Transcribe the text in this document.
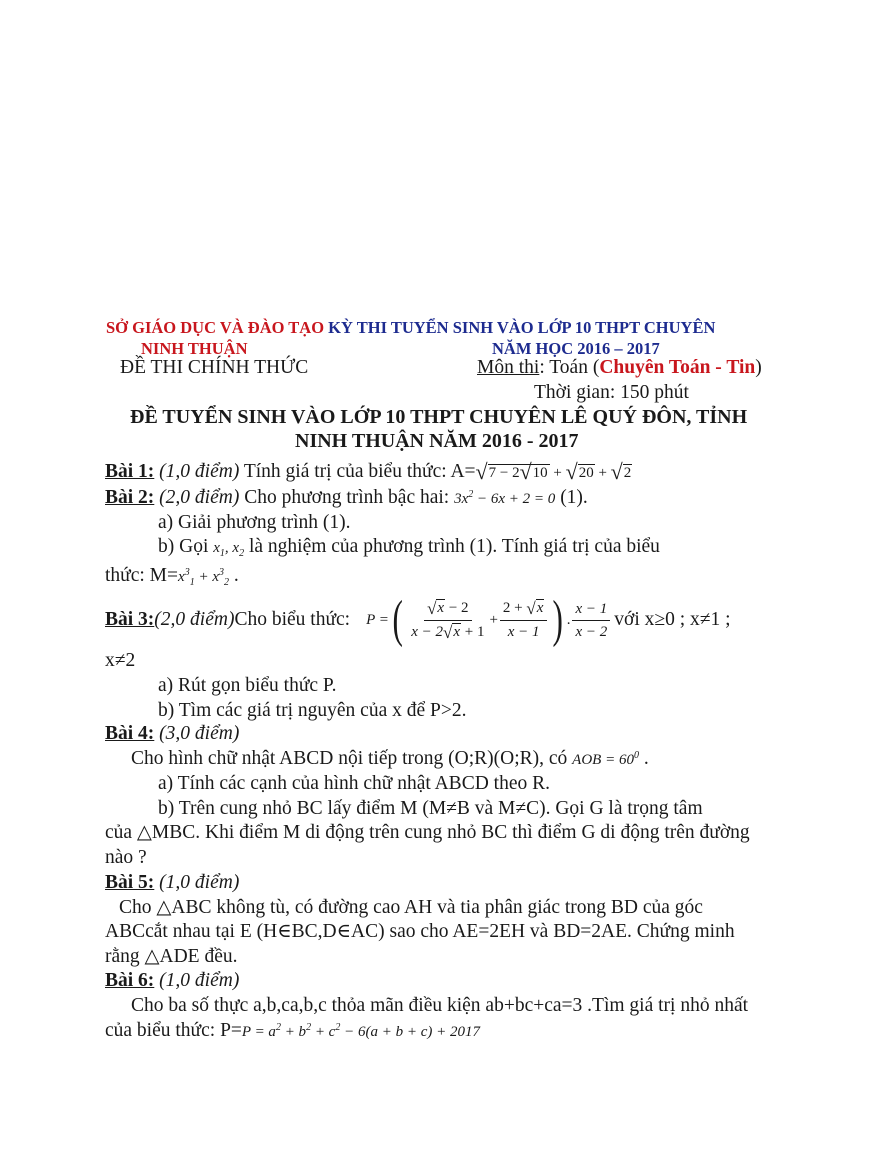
SỞ GIÁO DỤC VÀ ĐÀO TẠO KỲ THI TUYỂN SINH VÀO LỚP 10 THPT CHUYÊN
NINH THUẬN	NĂM HỌC 2016 – 2017
ĐỀ THI CHÍNH THỨC	Môn thi: Toán (Chuyên Toán - Tin)
Thời gian: 150 phút
ĐỀ TUYỂN SINH VÀO LỚP 10 THPT CHUYÊN LÊ QUÝ ĐÔN, TỈNH
NINH THUẬN NĂM 2016 - 2017
Bài 1: (1,0 điểm) Tính giá trị của biểu thức: A=√7 − 2√10 + √20 + √2
Bài 2: (2,0 điểm) Cho phương trình bậc hai: $3x^2 - 6x + 2 = 0$ (1).
a) Giải phương trình (1).
b) Gọi $x_1$, $x_2$ là nghiệm của phương trình (1). Tính giá trị của biểu
thức: $M=x^3_1 + x^3_2$ .
Bài 3: (2,0 điểm) Cho biểu thức: P = ( $\frac{√x - 2}{x - 2√x + 1} + \frac{2 + √x}{x - 1}$ ) . $\frac{x - 1}{x - 2}$ với x≥0 ; x≠1 ;
x≠2
a) Rút gọn biểu thức P.
b) Tìm các giá trị nguyên của x để P>2.
Bài 4: (3,0 điểm)
Cho hình chữ nhật ABCD nội tiếp trong (O;R)(O;R), có AOB = $60^0$ .
a) Tính các cạnh của hình chữ nhật ABCD theo R.
b) Trên cung nhỏ BC lấy điểm M (M≠B và M≠C). Gọi G là trọng tâm
của △MBC. Khi điểm M di động trên cung nhỏ BC thì điểm G di động trên đường
nào ?
Bài 5: (1,0 điểm)
Cho △ABC không tù, có đường cao AH và tia phân giác trong BD của góc
ABCcắt nhau tại E (H∈BC,D∈AC) sao cho AE=2EH và BD=2AE. Chứng minh
rằng △ADE đều.
Bài 6: (1,0 điểm)
Cho ba số thực a,b,ca,b,c thỏa mãn điều kiện ab+bc+ca=3 .Tìm giá trị nhỏ nhất
của biểu thức: $P=P = a^2 + b^2 + c^2 - 6(a + b + c) + 2017$
